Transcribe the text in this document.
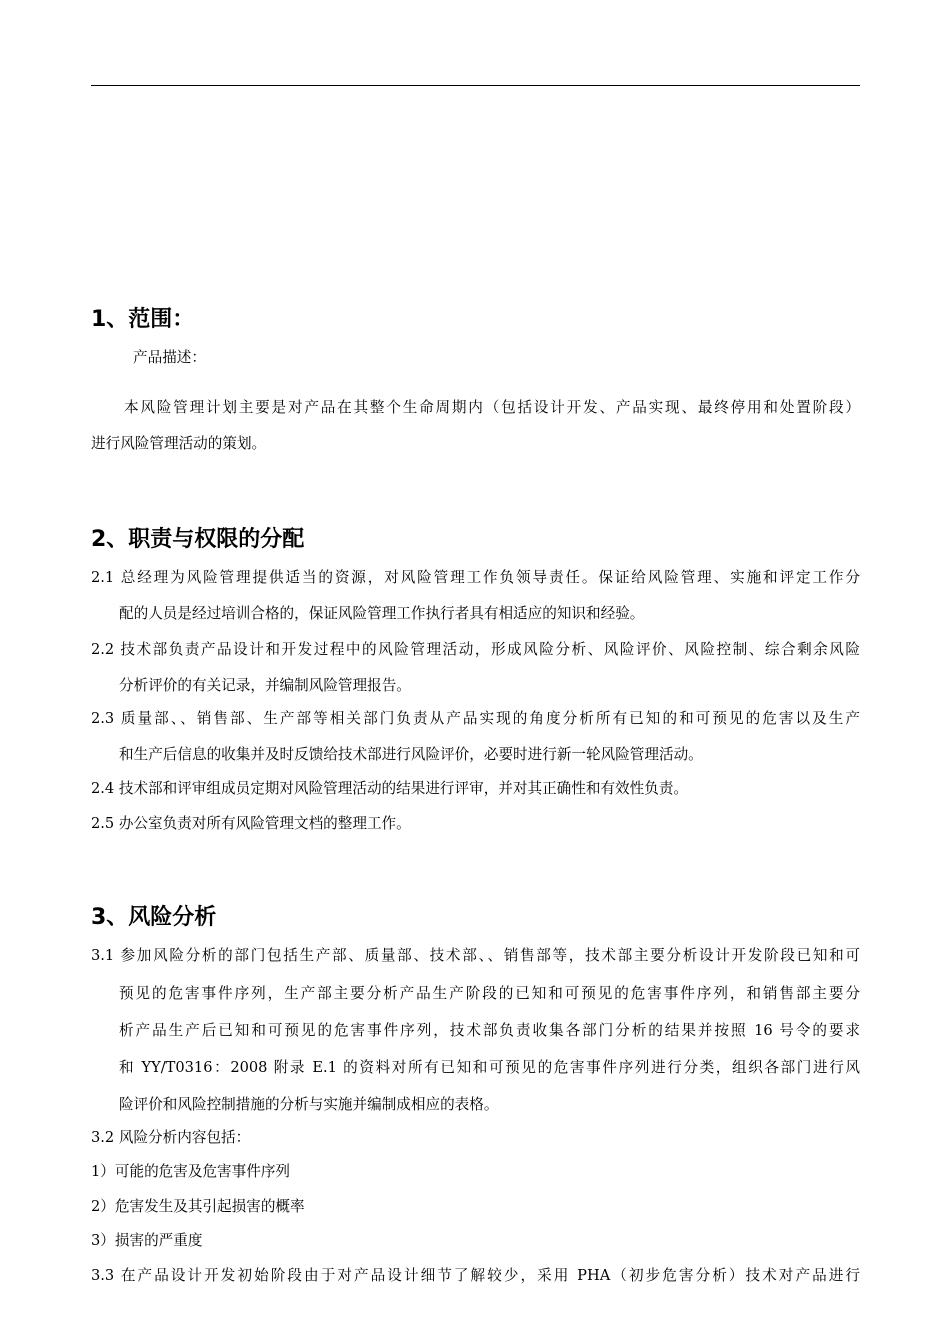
1、范围：
产品描述：
本风险管理计划主要是对产品在其整个生命周期内（包括设计开发、产品实现、最终停用和处置阶段）
进行风险管理活动的策划。
2、职责与权限的分配
2.1 总经理为风险管理提供适当的资源，对风险管理工作负领导责任。保证给风险管理、实施和评定工作分
配的人员是经过培训合格的，保证风险管理工作执行者具有相适应的知识和经验。
2.2 技术部负责产品设计和开发过程中的风险管理活动，形成风险分析、风险评价、风险控制、综合剩余风险
分析评价的有关记录，并编制风险管理报告。
2.3 质量部、、销售部、生产部等相关部门负责从产品实现的角度分析所有已知的和可预见的危害以及生产
和生产后信息的收集并及时反馈给技术部进行风险评价，必要时进行新一轮风险管理活动。
2.4 技术部和评审组成员定期对风险管理活动的结果进行评审，并对其正确性和有效性负责。
2.5 办公室负责对所有风险管理文档的整理工作。
3、风险分析
3.1 参加风险分析的部门包括生产部、质量部、技术部、、销售部等，技术部主要分析设计开发阶段已知和可
预见的危害事件序列，生产部主要分析产品生产阶段的已知和可预见的危害事件序列，和销售部主要分
析产品生产后已知和可预见的危害事件序列，技术部负责收集各部门分析的结果并按照 16 号令的要求
和 YY/T0316：2008 附录 E.1 的资料对所有已知和可预见的危害事件序列进行分类，组织各部门进行风
险评价和风险控制措施的分析与实施并编制成相应的表格。
3.2 风险分析内容包括：
1）可能的危害及危害事件序列
2）危害发生及其引起损害的概率
3）损害的严重度
3.3 在产品设计开发初始阶段由于对产品设计细节了解较少，采用 PHA（初步危害分析）技术对产品进行
